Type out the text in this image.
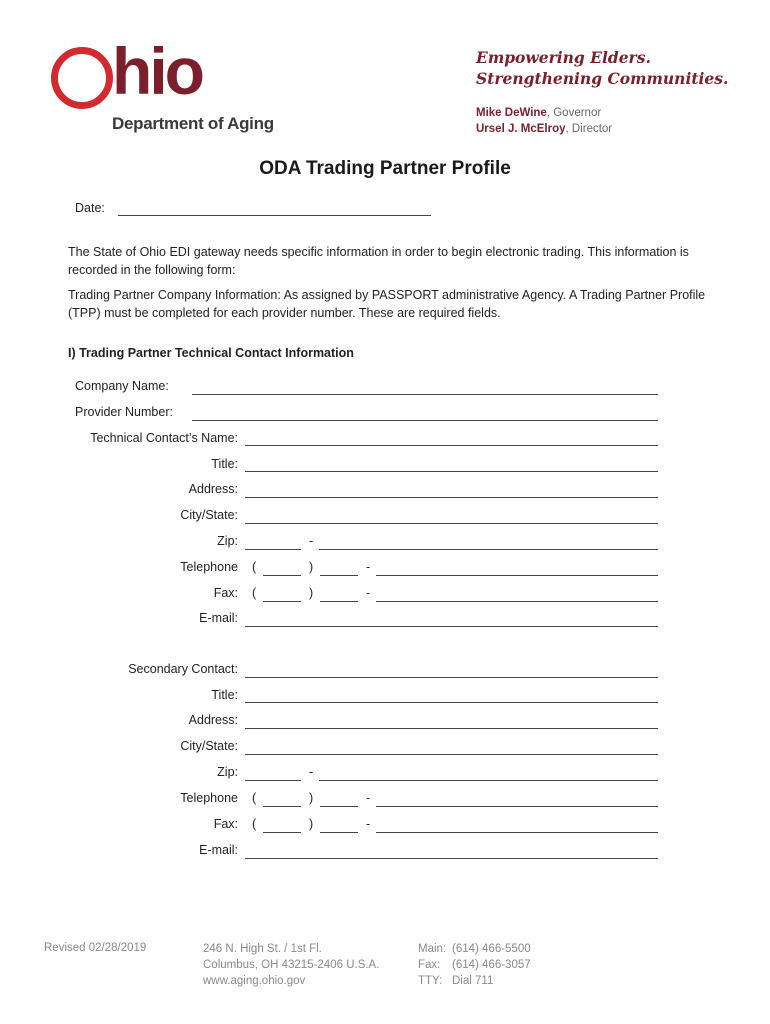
hio
Department of Aging
Empowering Elders.
Strengthening Communities.
Mike DeWine, Governor
Ursel J. McElroy, Director
ODA Trading Partner Profile
Date:
The State of Ohio EDI gateway needs specific information in order to begin electronic trading. This information is recorded in the following form:
Trading Partner Company Information: As assigned by PASSPORT administrative Agency. A Trading Partner Profile (TPP) must be completed for each provider number. These are required fields.
I) Trading Partner Technical Contact Information
Company Name:
Provider Number:
Technical Contact’s Name:
Title:
Address:
City/State:
Zip:	-
Telephone (	)	-
Fax: (	)	-
E-mail:
Secondary Contact:
Title:
Address:
City/State:
Zip:	-
Telephone (	)	-
Fax: (	)	-
E-mail:
Revised 02/28/2019	246 N. High St. / 1st Fl.
Columbus, OH 43215-2406 U.S.A.
www.aging.ohio.gov
Main: (614) 466-5500
Fax: (614) 466-3057
TTY: Dial 711
